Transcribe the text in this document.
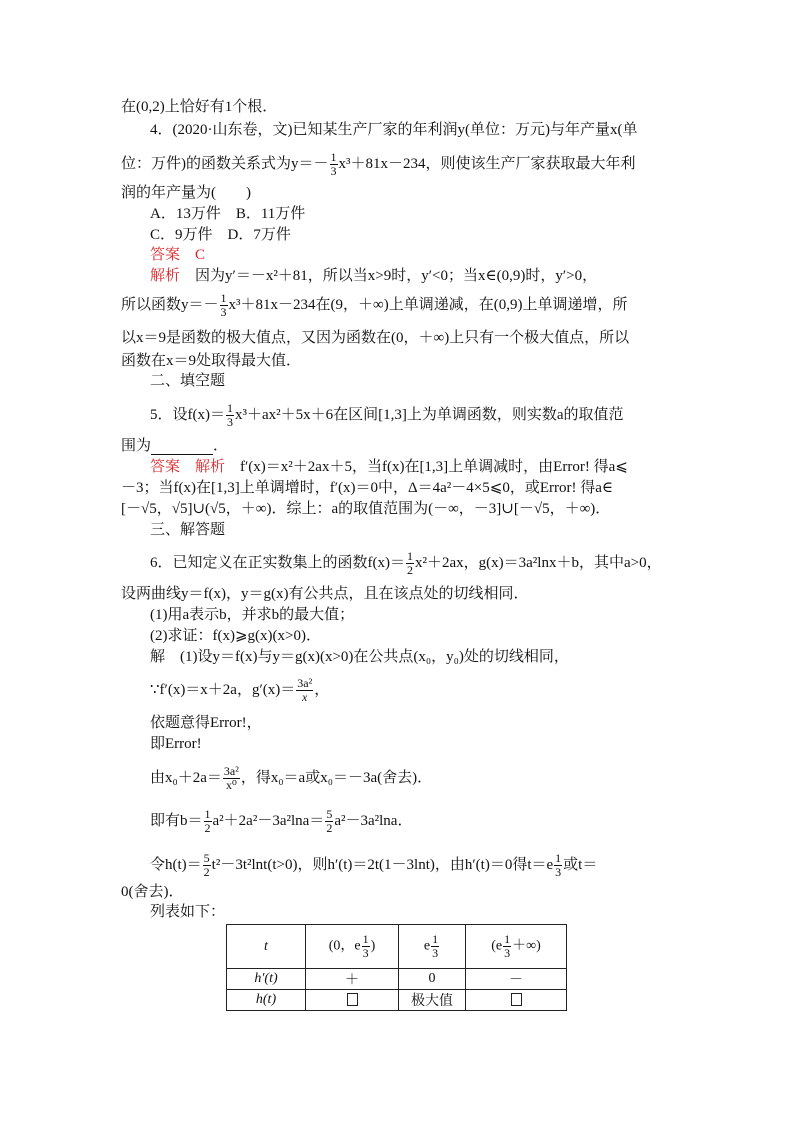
在(0,2)上恰好有1个根．
4．(2020·山东卷，文)已知某生产厂家的年利润y(单位：万元)与年产量x(单
位：万件)的函数关系式为$y=- \frac{1}{3} x^3+81x-234$，则使该生产厂家获取最大年利
润的年产量为(　　)
A．13万件　B．11万件
C．9万件　D．7万件
答案　 C
解析　 因为y′＝－x²＋81，所以当x>9时，y′<0；当x∈(0,9)时，y′>0，
所以函数$y=- \frac{1}{3} x^3+81x-234$在(9，＋∞)上单调递减，在(0,9)上单调递增，所
以x＝9是函数的极大值点，又因为函数在(0，＋∞)上只有一个极大值点，所以
函数在x＝9处取得最大值．
二、填空题
5．设$f(x)= \frac{1}{3} x^3+ax^2+5x+6$在区间[1,3]上为单调函数，则实数a的取值范
围为	．
答案　解析　 f′(x)＝x²＋2ax＋5，当f(x)在[1,3]上单调减时，由Error! 得a⩽
－3；当f(x)在[1,3]上单调增时，f′(x)＝0中，Δ＝4a²－4×5⩽0，或Error! 得a∈
[－√5，√5]∪(√5，＋∞)．综上：a的取值范围为(－∞，－3]∪[－√5，＋∞)．
三、解答题
6．已知定义在正实数集上的函数$f(x)= \frac{1}{2} x^2+2ax$，g(x)＝3a²lnx＋b，其中a>0，
设两曲线y＝f(x)，y＝g(x)有公共点，且在该点处的切线相同．
(1)用a表示b，并求b的最大值；
(2)求证：f(x)⩾g(x)(x>0)．
解　(1)设y＝f(x)与y＝g(x)(x>0)在公共点(x₀，y₀)处的切线相同，
∵f′(x)＝x＋2a，$g'(x)= \frac{\text{3a²}}{x}$ ，
依题意得Error!，
即Error!
由$x_0+2a= \frac{\text{3a²}}{\text{x⁰}}$ ，得x₀＝a或x₀＝－3a(舍去)．
即有$b= \frac{1}{2} a^2+2a^2-3a^2\ln a= \frac{5}{2} a^2-3a^2\ln a$．
令$h(t)= \frac{5}{2} t^2-3t^2\ln t(t>0)$，则h′(t)＝2t(1－3lnt)，由h′(t)＝0得$t=e \frac{1}{3}$ 或t＝
0(舍去)．
列表如下：
t	(0，e $\frac{1}{3}$ )	e $\frac{1}{3}$	($e \frac{1}{3}$ ＋∞)
h′(t)	＋	0	－
h(t)		极大值	
